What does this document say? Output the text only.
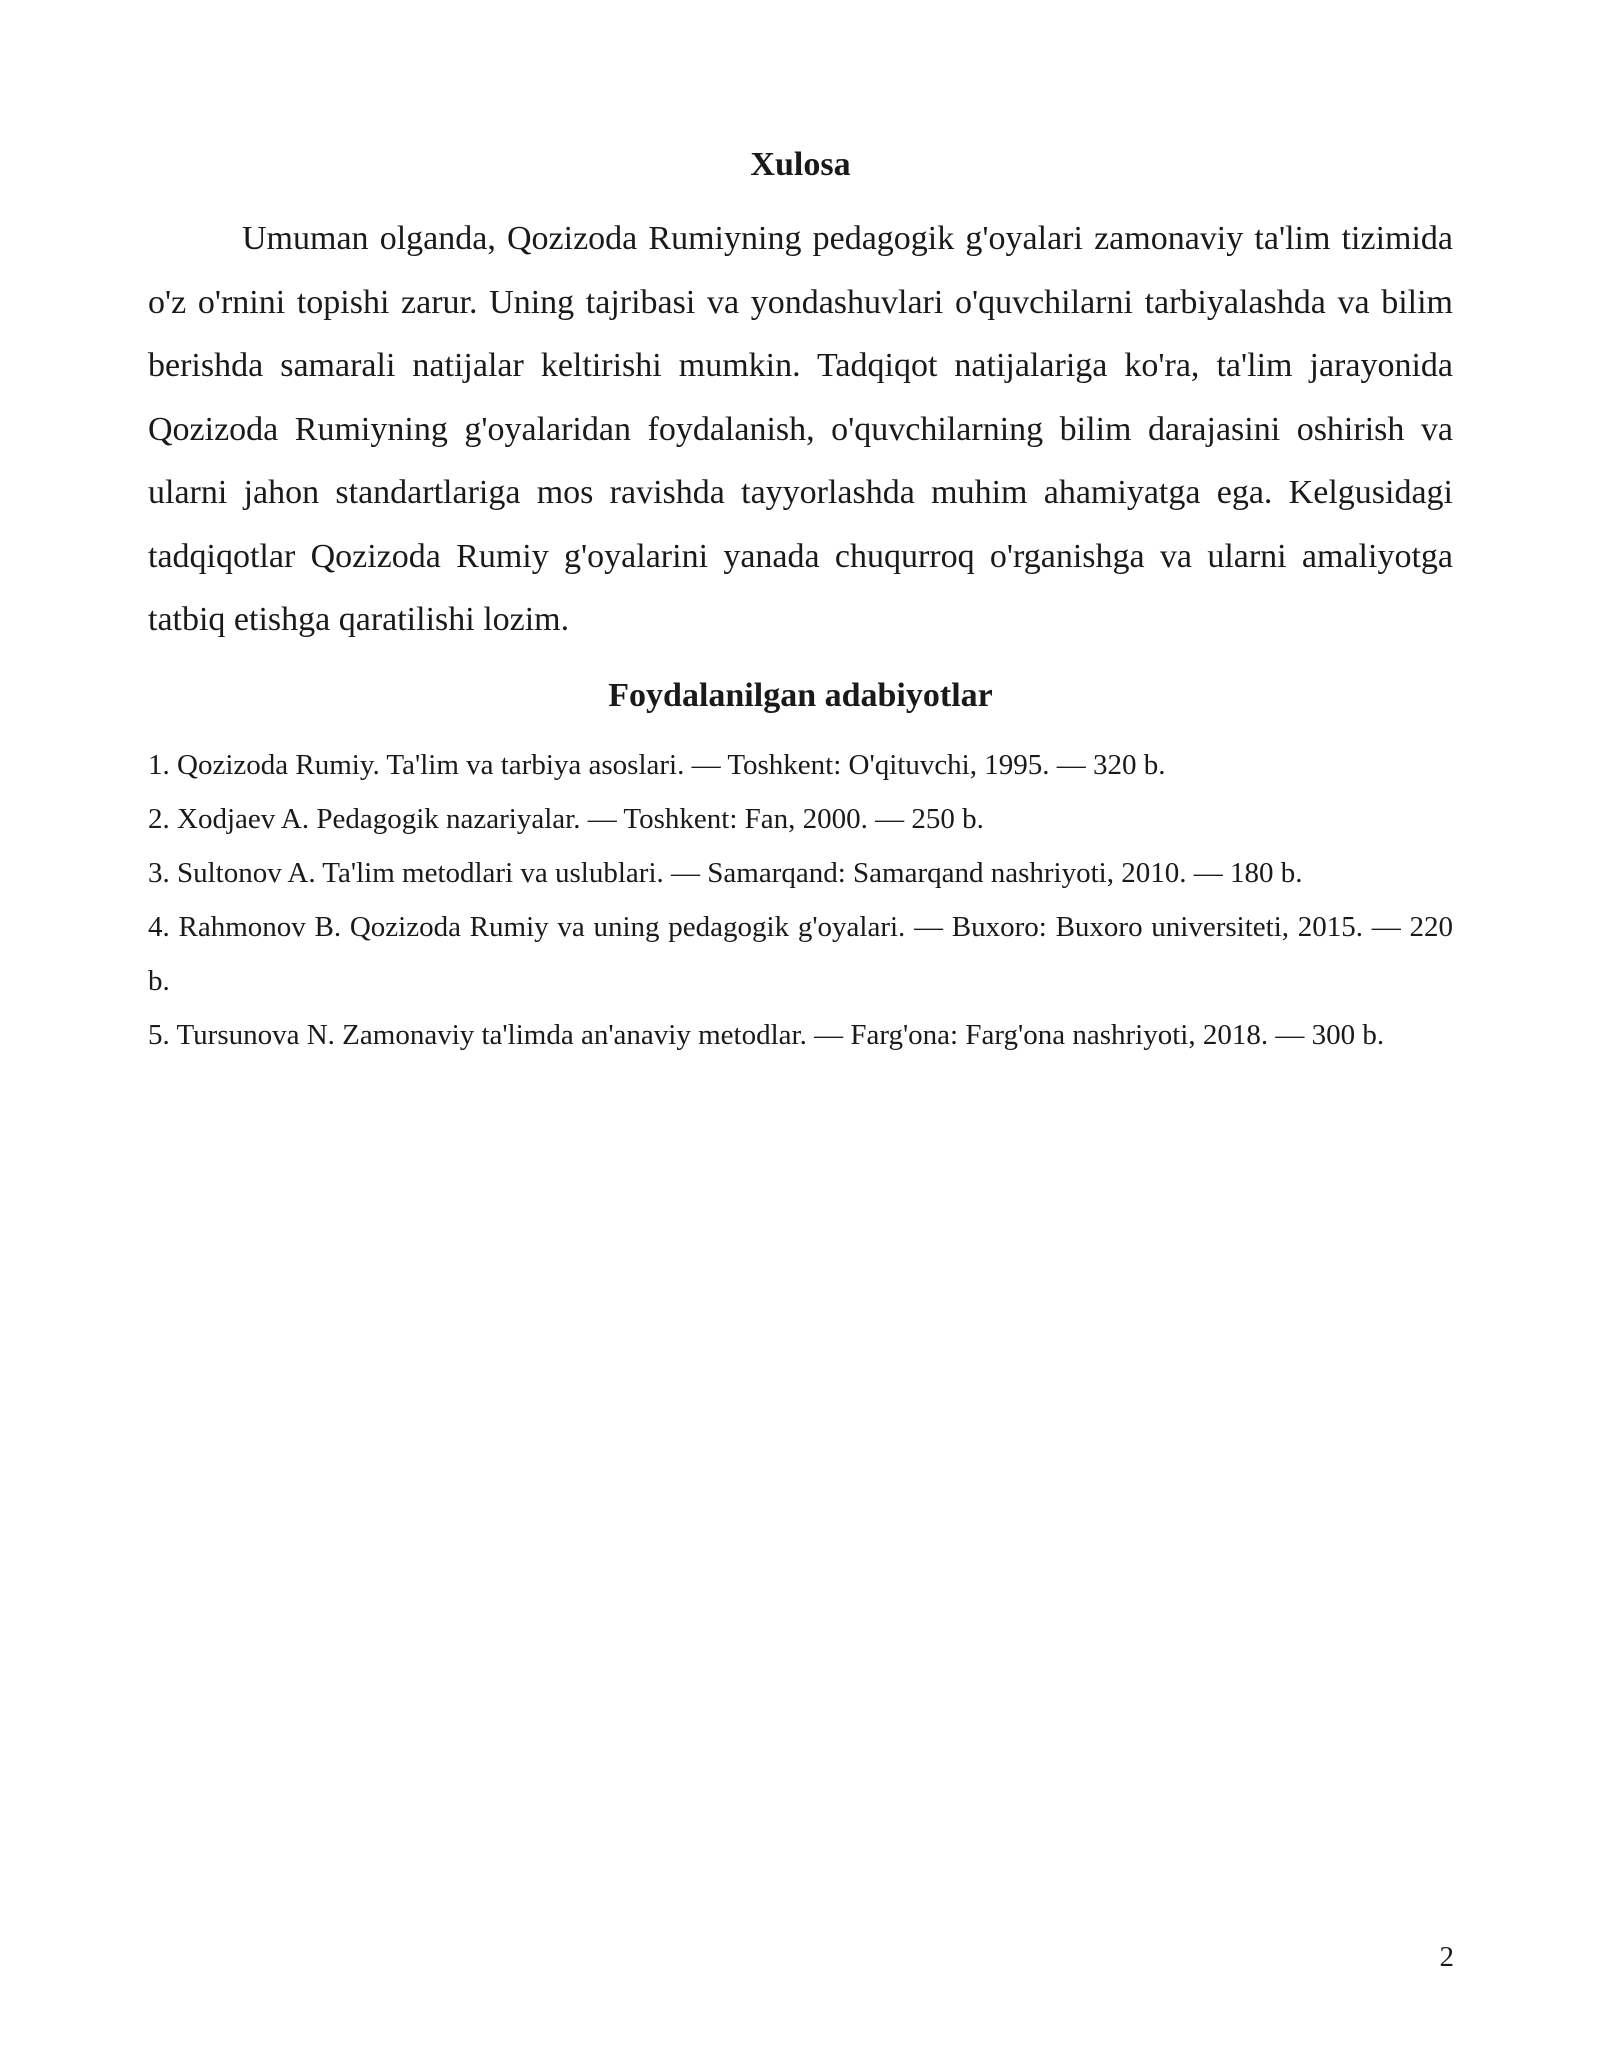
Xulosa

Umuman olganda, Qozizoda Rumiyning pedagogik g'oyalari zamonaviy ta'lim tizimida o'z o'rnini topishi zarur. Uning tajribasi va yondashuvlari o'quvchilarni tarbiyalashda va bilim berishda samarali natijalar keltirishi mumkin. Tadqiqot natijalariga ko'ra, ta'lim jarayonida Qozizoda Rumiyning g'oyalaridan foydalanish, o'quvchilarning bilim darajasini oshirish va ularni jahon standartlariga mos ravishda tayyorlashda muhim ahamiyatga ega. Kelgusidagi tadqiqotlar Qozizoda Rumiy g'oyalarini yanada chuqurroq o'rganishga va ularni amaliyotga tatbiq etishga qaratilishi lozim.

Foydalanilgan adabiyotlar
1. Qozizoda Rumiy. Ta'lim va tarbiya asoslari. — Toshkent: O'qituvchi, 1995. — 320 b.
2. Xodjaev A. Pedagogik nazariyalar. — Toshkent: Fan, 2000. — 250 b.
3. Sultonov A. Ta'lim metodlari va uslublari. — Samarqand: Samarqand nashriyoti, 2010. — 180 b.
4. Rahmonov B. Qozizoda Rumiy va uning pedagogik g'oyalari. — Buxoro: Buxoro universiteti, 2015. — 220 b.
5. Tursunova N. Zamonaviy ta'limda an'anaviy metodlar. — Farg'ona: Farg'ona nashriyoti, 2018. — 300 b.
2
